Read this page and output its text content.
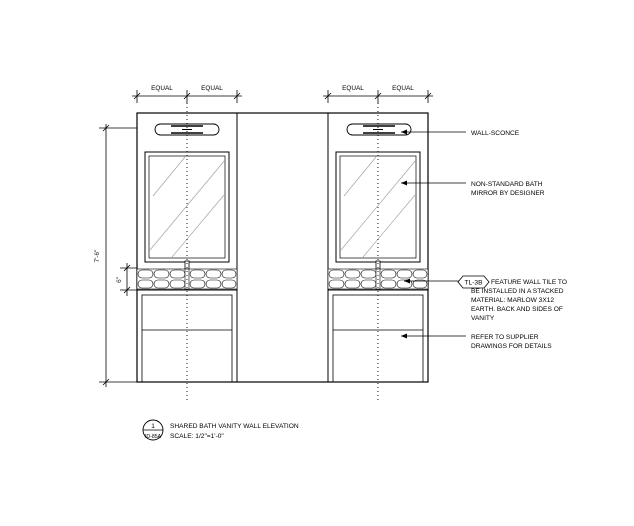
EQUAL	EQUAL	EQUAL	EQUAL
7'-6"
6"
WALL-SCONCE
NON-STANDARD BATH
MIRROR BY DESIGNER
TL-3B FEATURE WALL TILE TO
BE INSTALLED IN A STACKED
MATERIAL: MARLOW 3X12
EARTH. BACK AND SIDES OF
VANITY
REFER TO SUPPLIER
DRAWINGS FOR DETAILS
1
ID-85A
SHARED BATH VANITY WALL ELEVATION
SCALE: 1/2"=1'-0"
